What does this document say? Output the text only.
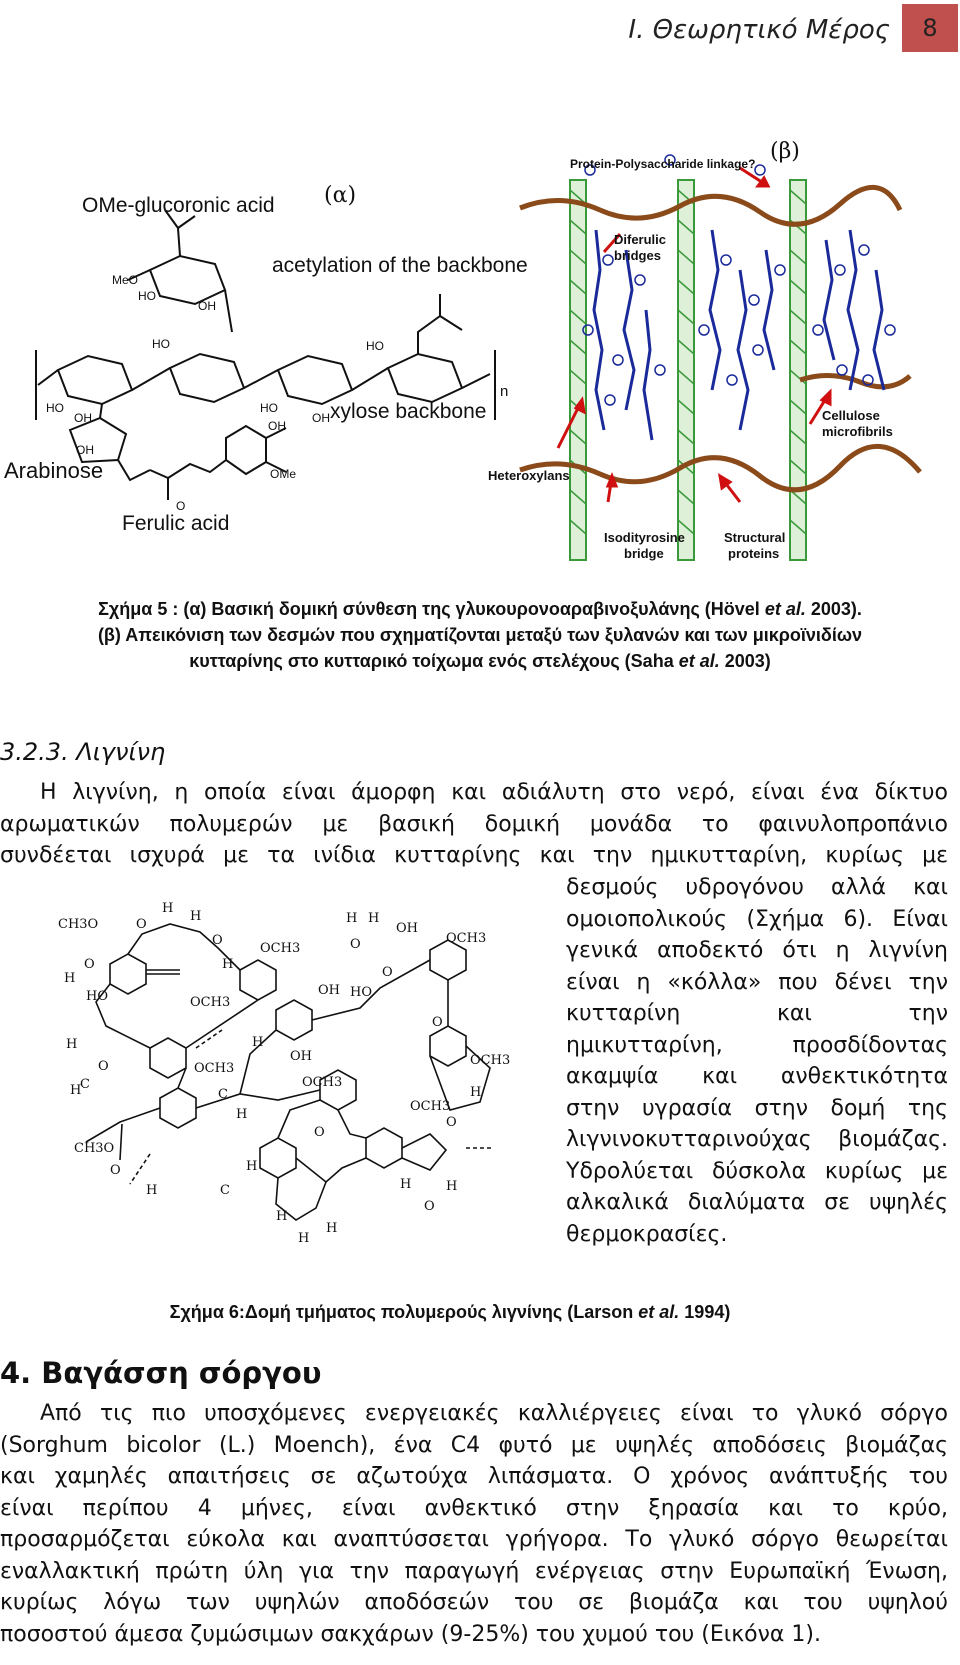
Ι. Θεωρητικό Μέρος	8
(α)
OMe-glucoronic acid
acetylation of the backbone
xylose backbone
Arabinose
Ferulic acid
n
MeO
OH
HO
HO
HO	HO
OH
OH
HO
OH
OH
OMe
O
(β)
Protein-Polysaccharide linkage?
Diferulic
bridges
Cellulose
microfibrils
Heteroxylans
Isodityrosine
bridge
Structural
proteins
Σχήμα 5 : (α) Βασική δομική σύνθεση της γλυκουρονοαραβινοξυλάνης (Hövel et al. 2003).
(β) Απεικόνιση των δεσμών που σχηματίζονται μεταξύ των ξυλανών και των μικροϊνιδίων
κυτταρίνης στο κυτταρικό τοίχωμα ενός στελέχους (Saha et al. 2003)
3.2.3. Λιγνίνη
Η λιγνίνη, η οποία είναι άμορφη και αδιάλυτη στο νερό, είναι ένα δίκτυο
αρωματικών πολυμερών με βασική δομική μονάδα το φαινυλοπροπάνιο
συνδέεται ισχυρά με τα ινίδια κυτταρίνης και την ημικυτταρίνη, κυρίως με
δεσμούς υδρογόνου αλλά και
ομοιοπολικούς (Σχήμα 6). Είναι
γενικά αποδεκτό ότι η λιγνίνη
είναι η «κόλλα» που δένει την
κυτταρίνη και την
ημικυτταρίνη, προσδίδοντας
ακαμψία και ανθεκτικότητα
στην υγρασία στην δομή της
λιγνινοκυτταρινούχας βιομάζας.
Υδρολύεται δύσκολα κυρίως με
αλκαλικά διαλύματα σε υψηλές
θερμοκρασίες.
H
H
O
O
H
OCH3
CH3O
O
H
HO
OH
OCH3
OH
OCH3
H
H
C
O	OCH3
H
C
H
H H
O
OH
OCH3
HO
O
O
OCH3
H
CH3O
O
H	C
H
O
H
H
H
OCH3
O
H	H
O
Σχήμα 6:Δομή τμήματος πολυμερούς λιγνίνης (Larson et al. 1994)
4. Βαγάσση σόργου
Από τις πιο υποσχόμενες ενεργειακές καλλιέργειες είναι το γλυκό σόργο
(Sorghum bicolor (L.) Moench), ένα C4 φυτό με υψηλές αποδόσεις βιομάζας
και χαμηλές απαιτήσεις σε αζωτούχα λιπάσματα. Ο χρόνος ανάπτυξής του
είναι περίπου 4 μήνες, είναι ανθεκτικό στην ξηρασία και το κρύο,
προσαρμόζεται εύκολα και αναπτύσσεται γρήγορα. Το γλυκό σόργο θεωρείται
εναλλακτική πρώτη ύλη για την παραγωγή ενέργειας στην Ευρωπαϊκή Ένωση,
κυρίως λόγω των υψηλών αποδόσεών του σε βιομάζα και του υψηλού
ποσοστού άμεσα ζυμώσιμων σακχάρων (9-25%) του χυμού του (Εικόνα 1).
